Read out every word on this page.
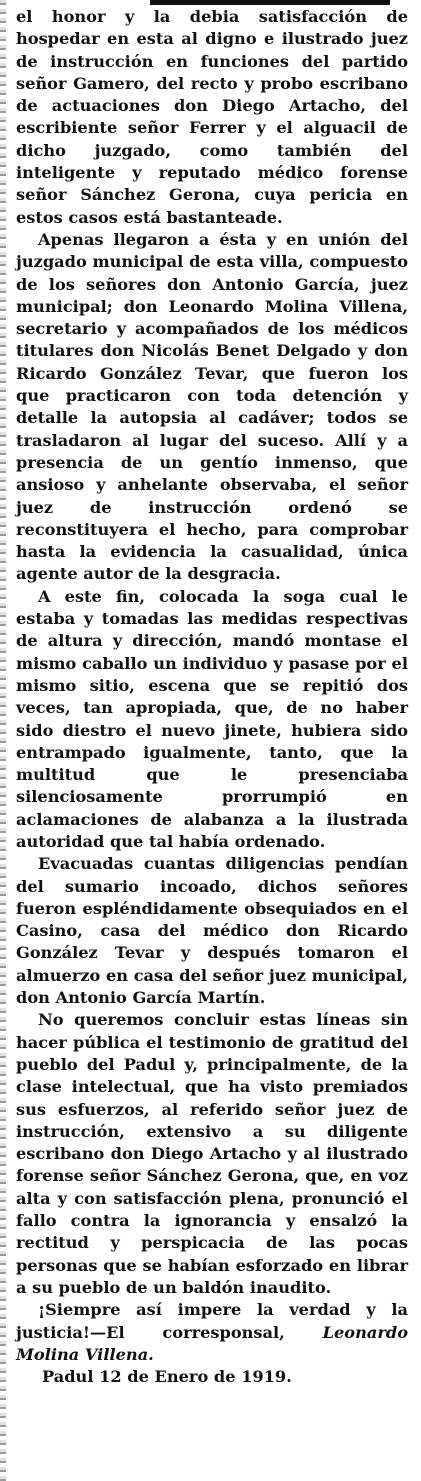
el honor y la debia satisfacción de hospedar en esta al digno e ilustrado juez de instrucción en funciones del partido señor Gamero, del recto y probo escribano de actuaciones don Diego Artacho, del escribiente señor Ferrer y el alguacil de dicho juzgado, como también del inteligente y reputado médico forense señor Sánchez Gerona, cuya pericia en estos casos está bastanteade.

Apenas llegaron a ésta y en unión del juzgado municipal de esta villa, compuesto de los señores don Antonio García, juez municipal; don Leonardo Molina Villena, secretario y acompañados de los médicos titulares don Nicolás Benet Delgado y don Ricardo González Tevar, que fueron los que practicaron con toda detención y detalle la autopsia al cadáver; todos se trasladaron al lugar del suceso. Allí y a presencia de un gentío inmenso, que ansioso y anhelante observaba, el señor juez de instrucción ordenó se reconstituyera el hecho, para comprobar hasta la evidencia la casualidad, única agente autor de la desgracia.

A este fin, colocada la soga cual le estaba y tomadas las medidas respectivas de altura y dirección, mandó montase el mismo caballo un individuo y pasase por el mismo sitio, escena que se repitió dos veces, tan apropiada, que, de no haber sido diestro el nuevo jinete, hubiera sido entrampado igualmente, tanto, que la multitud que le presenciaba silenciosamente prorrumpió en aclamaciones de alabanza a la ilustrada autoridad que tal había ordenado.

Evacuadas cuantas diligencias pendían del sumario incoado, dichos señores fueron espléndidamente obsequiados en el Casino, casa del médico don Ricardo González Tevar y después tomaron el almuerzo en casa del señor juez municipal, don Antonio García Martín.

No queremos concluir estas líneas sin hacer pública el testimonio de gratitud del pueblo del Padul y, principalmente, de la clase intelectual, que ha visto premiados sus esfuerzos, al referido señor juez de instrucción, extensivo a su diligente escribano don Diego Artacho y al ilustrado forense señor Sánchez Gerona, que, en voz alta y con satisfacción plena, pronunció el fallo contra la ignorancia y ensalzó la rectitud y perspicacia de las pocas personas que se habían esforzado en librar a su pueblo de un baldón inaudito.

¡Siempre así impere la verdad y la justicia!—El corresponsal, Leonardo Molina Villena.

Padul 12 de Enero de 1919.
